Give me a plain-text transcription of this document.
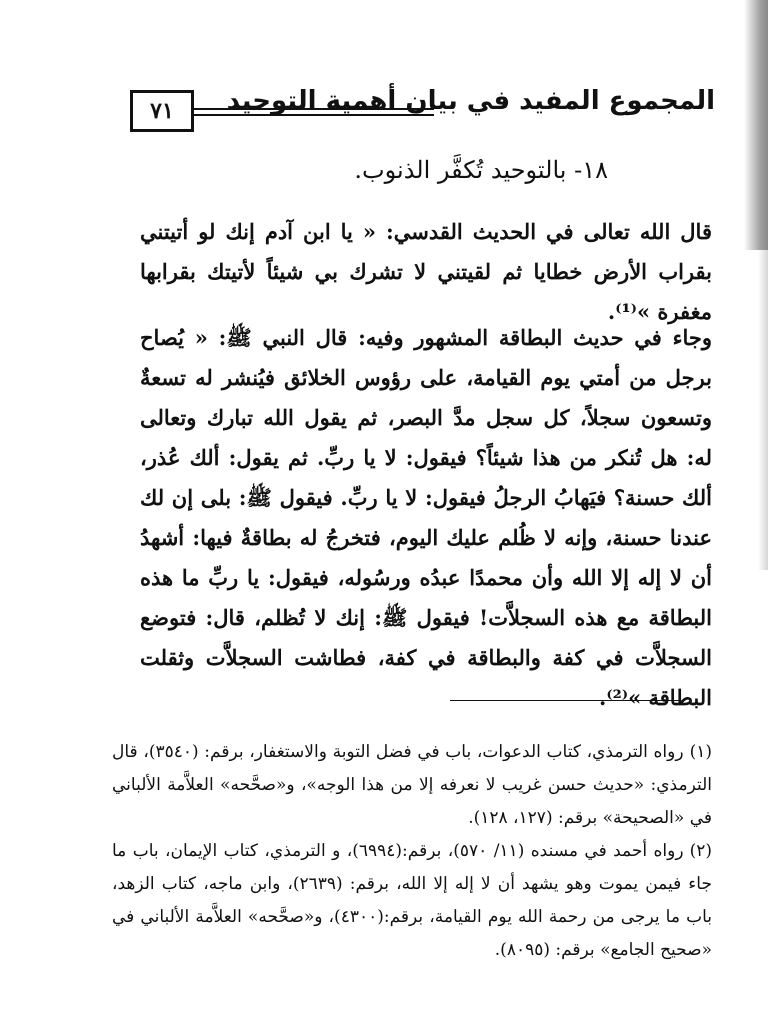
٧١ المجموع المفيد في بيان أهمية التوحيد
١٨- بالتوحيد تُكفَّر الذنوب.

قال الله تعالى في الحديث القدسي: « يا ابن آدم إنك لو أتيتني بقراب الأرض خطايا ثم لقيتني لا تشرك بي شيئاً لأتيتك بقرابها مغفرة »⁽¹⁾.

وجاء في حديث البطاقة المشهور وفيه: قال النبي ﷺ: « يُصاح برجل من أمتي يوم القيامة، على رؤوس الخلائق فيُنشر له تسعةٌ وتسعون سجلاً، كل سجل مدَّ البصر، ثم يقول الله تبارك وتعالى له: هل تُنكر من هذا شيئاً؟ فيقول: لا يا ربِّ. ثم يقول: ألك عُذر، ألك حسنة؟ فيَهابُ الرجلُ فيقول: لا يا ربِّ. فيقول ﷺ: بلى إن لك عندنا حسنة، وإنه لا ظُلم عليك اليوم، فتخرجُ له بطاقةٌ فيها: أشهدُ أن لا إله إلا الله وأن محمدًا عبدُه ورسُوله، فيقول: يا ربِّ ما هذه البطاقة مع هذه السجلاَّت! فيقول ﷺ: إنك لا تُظلم، قال: فتوضع السجلاَّت في كفة والبطاقة في كفة، فطاشت السجلاَّت وثقلت البطاقة »⁽²⁾.

(١)رواه الترمذي، كتاب الدعوات، باب في فضل التوبة والاستغفار، برقم: (٣٥٤٠)، قال الترمذي: «حديث حسن غريب لا نعرفه إلا من هذا الوجه»، و«صحَّحه» العلاَّمة الألباني في «الصحيحة» برقم: (١٢٧، ١٢٨).

(٢)رواه أحمد في مسنده (١١/ ٥٧٠)، برقم:(٦٩٩٤)، و الترمذي، كتاب الإيمان، باب ما جاء فيمن يموت وهو يشهد أن لا إله إلا الله، برقم: (٢٦٣٩)، وابن ماجه، كتاب الزهد، باب ما يرجى من رحمة الله يوم القيامة، برقم:(٤٣٠٠)، و«صحَّحه» العلاَّمة الألباني في «صحيح الجامع» برقم: (٨٠٩٥).
